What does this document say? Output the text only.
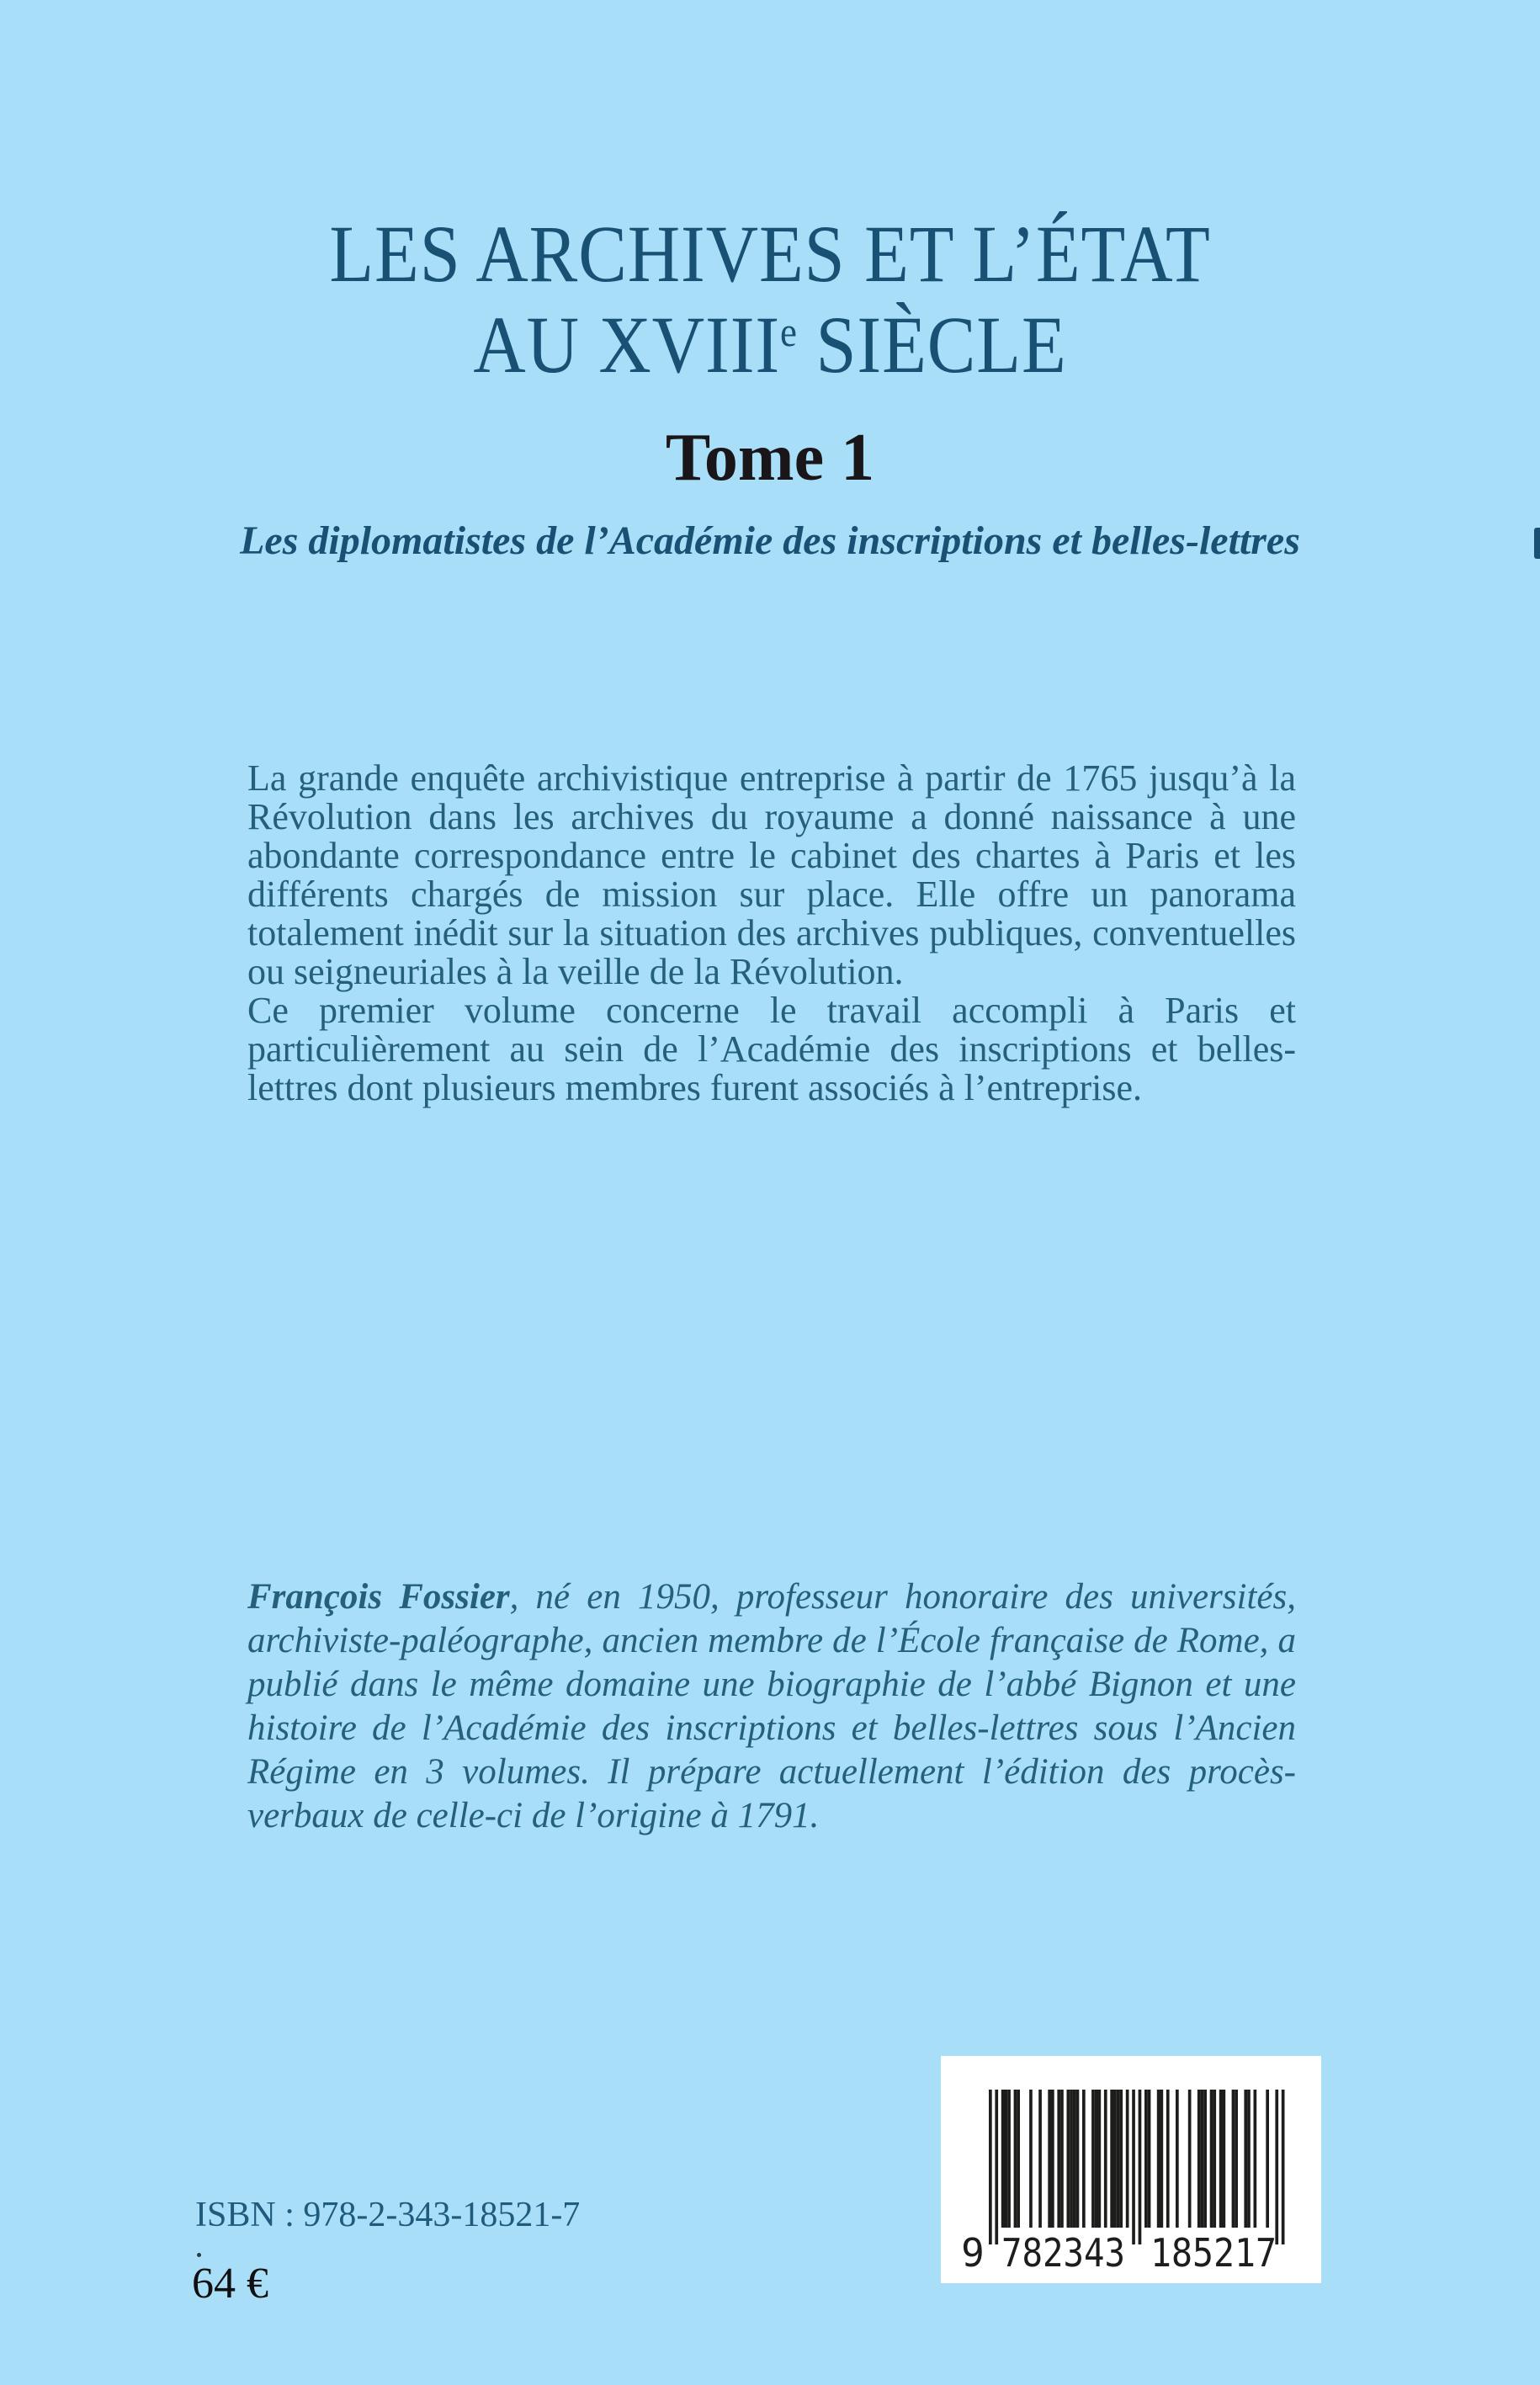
LES ARCHIVES ET L’ÉTAT
AU XVIIIe SIÈCLE
Tome 1
Les diplomatistes de l’Académie des inscriptions et belles-lettres

La grande enquête archivistique entreprise à partir de 1765 jusqu’à la Révolution dans les archives du royaume a donné naissance à une abondante correspondance entre le cabinet des chartes à Paris et les différents chargés de mission sur place. Elle offre un panorama totalement inédit sur la situation des archives publiques, conventuelles ou seigneuriales à la veille de la Révolution.

Ce premier volume concerne le travail accompli à Paris et particulièrement au sein de l’Académie des inscriptions et belles-lettres dont plusieurs membres furent associés à l’entreprise.

François Fossier, né en 1950, professeur honoraire des universités, archiviste-paléographe, ancien membre de l’École française de Rome, a publié dans le même domaine une biographie de l’abbé Bignon et une histoire de l’Académie des inscriptions et belles-lettres sous l’Ancien Régime en 3 volumes. Il prépare actuellement l’édition des procès-verbaux de celle-ci de l’origine à 1791.

ISBN : 978-2-343-18521-7
64 €
9 782343 185217
